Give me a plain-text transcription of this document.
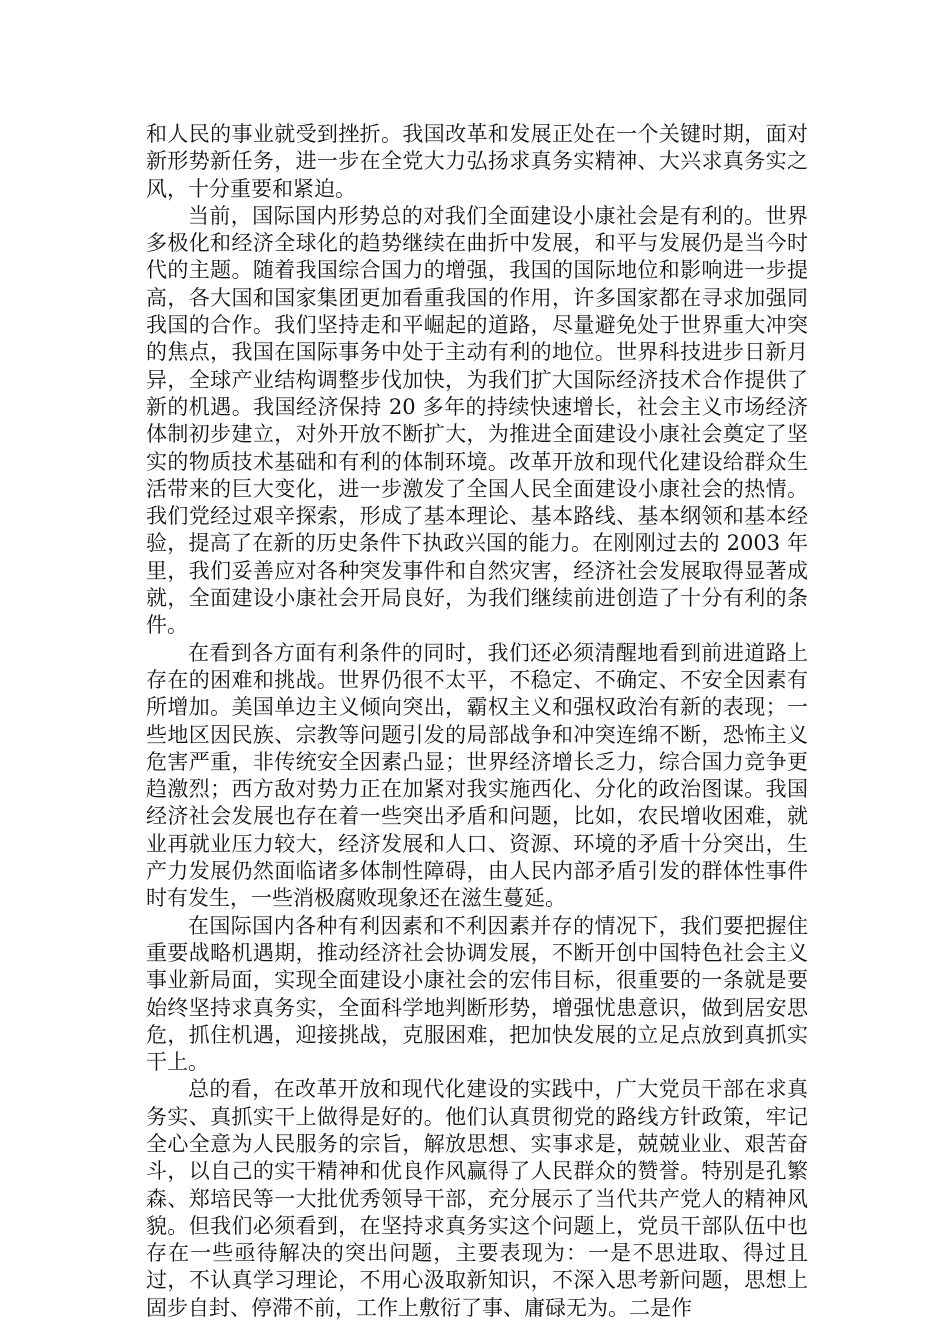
和人民的事业就受到挫折。我国改革和发展正处在一个关键时期，面对新形势新任务，进一步在全党大力弘扬求真务实精神、大兴求真务实之风，十分重要和紧迫。

当前，国际国内形势总的对我们全面建设小康社会是有利的。世界多极化和经济全球化的趋势继续在曲折中发展，和平与发展仍是当今时代的主题。随着我国综合国力的增强，我国的国际地位和影响进一步提高，各大国和国家集团更加看重我国的作用，许多国家都在寻求加强同我国的合作。我们坚持走和平崛起的道路，尽量避免处于世界重大冲突的焦点，我国在国际事务中处于主动有利的地位。世界科技进步日新月异，全球产业结构调整步伐加快，为我们扩大国际经济技术合作提供了新的机遇。我国经济保持 20 多年的持续快速增长，社会主义市场经济体制初步建立，对外开放不断扩大，为推进全面建设小康社会奠定了坚实的物质技术基础和有利的体制环境。改革开放和现代化建设给群众生活带来的巨大变化，进一步激发了全国人民全面建设小康社会的热情。我们党经过艰辛探索，形成了基本理论、基本路线、基本纲领和基本经验，提高了在新的历史条件下执政兴国的能力。在刚刚过去的 2003 年里，我们妥善应对各种突发事件和自然灾害，经济社会发展取得显著成就，全面建设小康社会开局良好，为我们继续前进创造了十分有利的条件。

在看到各方面有利条件的同时，我们还必须清醒地看到前进道路上存在的困难和挑战。世界仍很不太平，不稳定、不确定、不安全因素有所增加。美国单边主义倾向突出，霸权主义和强权政治有新的表现；一些地区因民族、宗教等问题引发的局部战争和冲突连绵不断，恐怖主义危害严重，非传统安全因素凸显；世界经济增长乏力，综合国力竞争更趋激烈；西方敌对势力正在加紧对我实施西化、分化的政治图谋。我国经济社会发展也存在着一些突出矛盾和问题，比如，农民增收困难，就业再就业压力较大，经济发展和人口、资源、环境的矛盾十分突出，生产力发展仍然面临诸多体制性障碍，由人民内部矛盾引发的群体性事件时有发生，一些消极腐败现象还在滋生蔓延。

在国际国内各种有利因素和不利因素并存的情况下，我们要把握住重要战略机遇期，推动经济社会协调发展，不断开创中国特色社会主义事业新局面，实现全面建设小康社会的宏伟目标，很重要的一条就是要始终坚持求真务实，全面科学地判断形势，增强忧患意识，做到居安思危，抓住机遇，迎接挑战，克服困难，把加快发展的立足点放到真抓实干上。

总的看，在改革开放和现代化建设的实践中，广大党员干部在求真务实、真抓实干上做得是好的。他们认真贯彻党的路线方针政策，牢记全心全意为人民服务的宗旨，解放思想、实事求是，兢兢业业、艰苦奋斗，以自己的实干精神和优良作风赢得了人民群众的赞誉。特别是孔繁森、郑培民等一大批优秀领导干部，充分展示了当代共产党人的精神风貌。但我们必须看到，在坚持求真务实这个问题上，党员干部队伍中也存在一些亟待解决的突出问题，主要表现为：一是不思进取、得过且过，不认真学习理论，不用心汲取新知识，不深入思考新问题，思想上固步自封、停滞不前，工作上敷衍了事、庸碌无为。二是作
